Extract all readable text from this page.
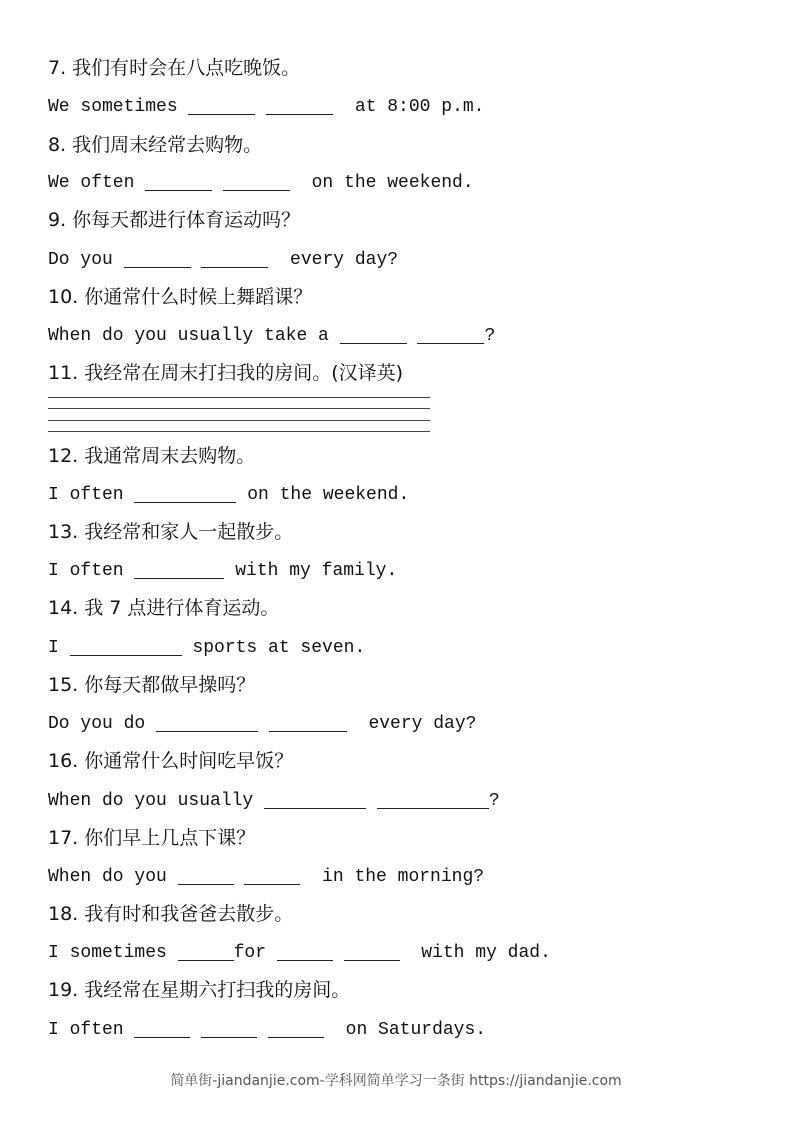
7. 我们有时会在八点吃晚饭。
We sometimes	at 8:00 p.m.
8. 我们周末经常去购物。
We often	on the weekend.
9. 你每天都进行体育运动吗？
Do you	every day?
10. 你通常什么时候上舞蹈课？
When do you usually take a	?
11. 我经常在周末打扫我的房间。(汉译英)
12. 我通常周末去购物。
I often	on the weekend.
13. 我经常和家人一起散步。
I often	with my family.
14. 我 7 点进行体育运动。
I	sports at seven.
15. 你每天都做早操吗？
Do you do	every day?
16. 你通常什么时间吃早饭？
When do you usually	?
17. 你们早上几点下课？
When do you	in the morning?
18. 我有时和我爸爸去散步。
I sometimes	for	with my dad.
19. 我经常在星期六打扫我的房间。
I often	on Saturdays.
简单街-jiandanjie.com-学科网简单学习一条街 https://jiandanjie.com
